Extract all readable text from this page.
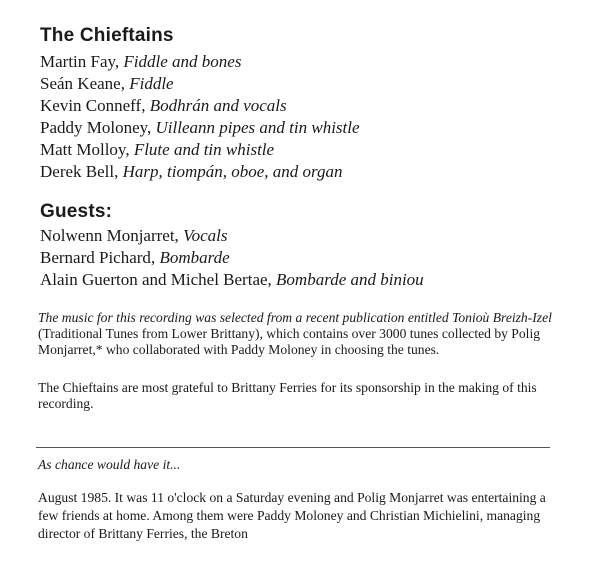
The Chieftains
Martin Fay, Fiddle and bones
Seán Keane, Fiddle
Kevin Conneff, Bodhrán and vocals
Paddy Moloney, Uilleann pipes and tin whistle
Matt Molloy, Flute and tin whistle
Derek Bell, Harp, tiompán, oboe, and organ
Guests:
Nolwenn Monjarret, Vocals
Bernard Pichard, Bombarde
Alain Guerton and Michel Bertae, Bombarde and biniou
The music for this recording was selected from a recent publication entitled Tonioù Breizh-Izel (Traditional Tunes from Lower Brittany), which contains over 3000 tunes collected by Polig Monjarret,* who collaborated with Paddy Moloney in choosing the tunes.
The Chieftains are most grateful to Brittany Ferries for its sponsorship in the making of this recording.
As chance would have it...
August 1985. It was 11 o'clock on a Saturday evening and Polig Monjarret was entertaining a few friends at home. Among them were Paddy Moloney and Christian Michielini, managing director of Brittany Ferries, the Breton
